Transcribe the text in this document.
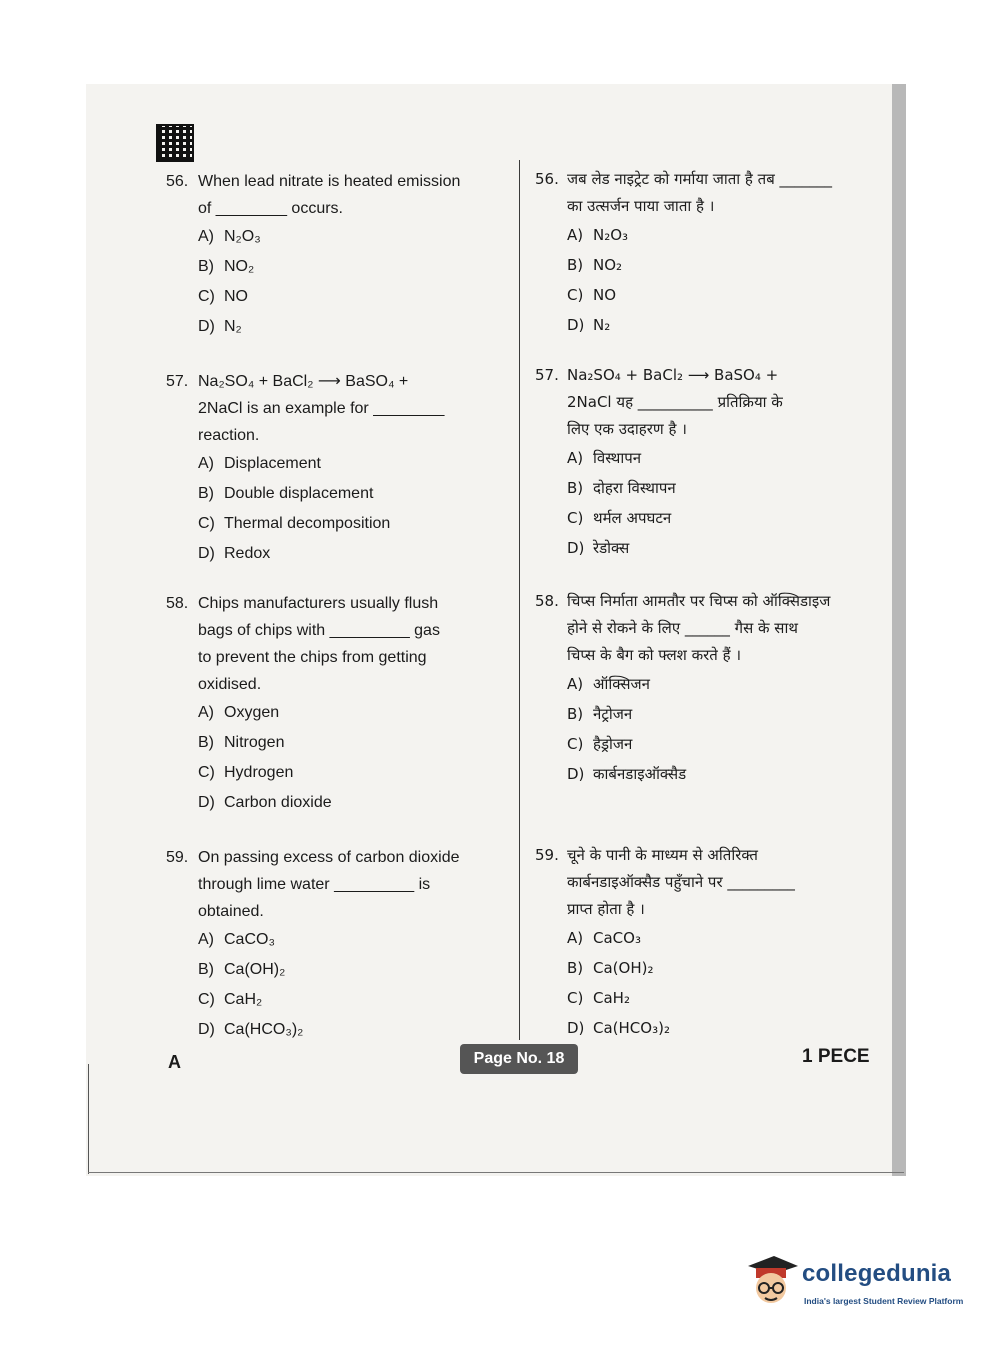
56. When lead nitrate is heated emission
of ________ occurs.
A) N₂O₃
B) NO₂
C) NO
D) N₂
57. Na₂SO₄ + BaCl₂ ⟶ BaSO₄ +
2NaCl is an example for ________
reaction.
A) Displacement
B) Double displacement
C) Thermal decomposition
D) Redox
58. Chips manufacturers usually flush
bags of chips with _________ gas
to prevent the chips from getting
oxidised.
A) Oxygen
B) Nitrogen
C) Hydrogen
D) Carbon dioxide
59. On passing excess of carbon dioxide
through lime water _________ is
obtained.
A) CaCO₃
B) Ca(OH)₂
C) CaH₂
D) Ca(HCO₃)₂
56. जब लेड नाइट्रेट को गर्माया जाता है तब _______
का उत्सर्जन पाया जाता है ।
A) N₂O₃
B) NO₂
C) NO
D) N₂
57. Na₂SO₄ + BaCl₂ ⟶ BaSO₄ +
2NaCl यह __________ प्रतिक्रिया के
लिए एक उदाहरण है ।
A) विस्थापन
B) दोहरा विस्थापन
C) थर्मल अपघटन
D) रेडोक्स
58. चिप्स निर्माता आमतौर पर चिप्स को ऑक्सिडाइज
होने से रोकने के लिए ______ गैस के साथ
चिप्स के बैग को फ्लश करते हैं ।
A) ऑक्सिजन
B) नैट्रोजन
C) हैड्रोजन
D) कार्बनडाइऑक्सैड
59. चूने के पानी के माध्यम से अतिरिक्त
कार्बनडाइऑक्सैड पहुँचाने पर _________
प्राप्त होता है ।
A) CaCO₃
B) Ca(OH)₂
C) CaH₂
D) Ca(HCO₃)₂
A	Page No. 18	1 PECE
collegedunia
India's largest Student Review Platform
